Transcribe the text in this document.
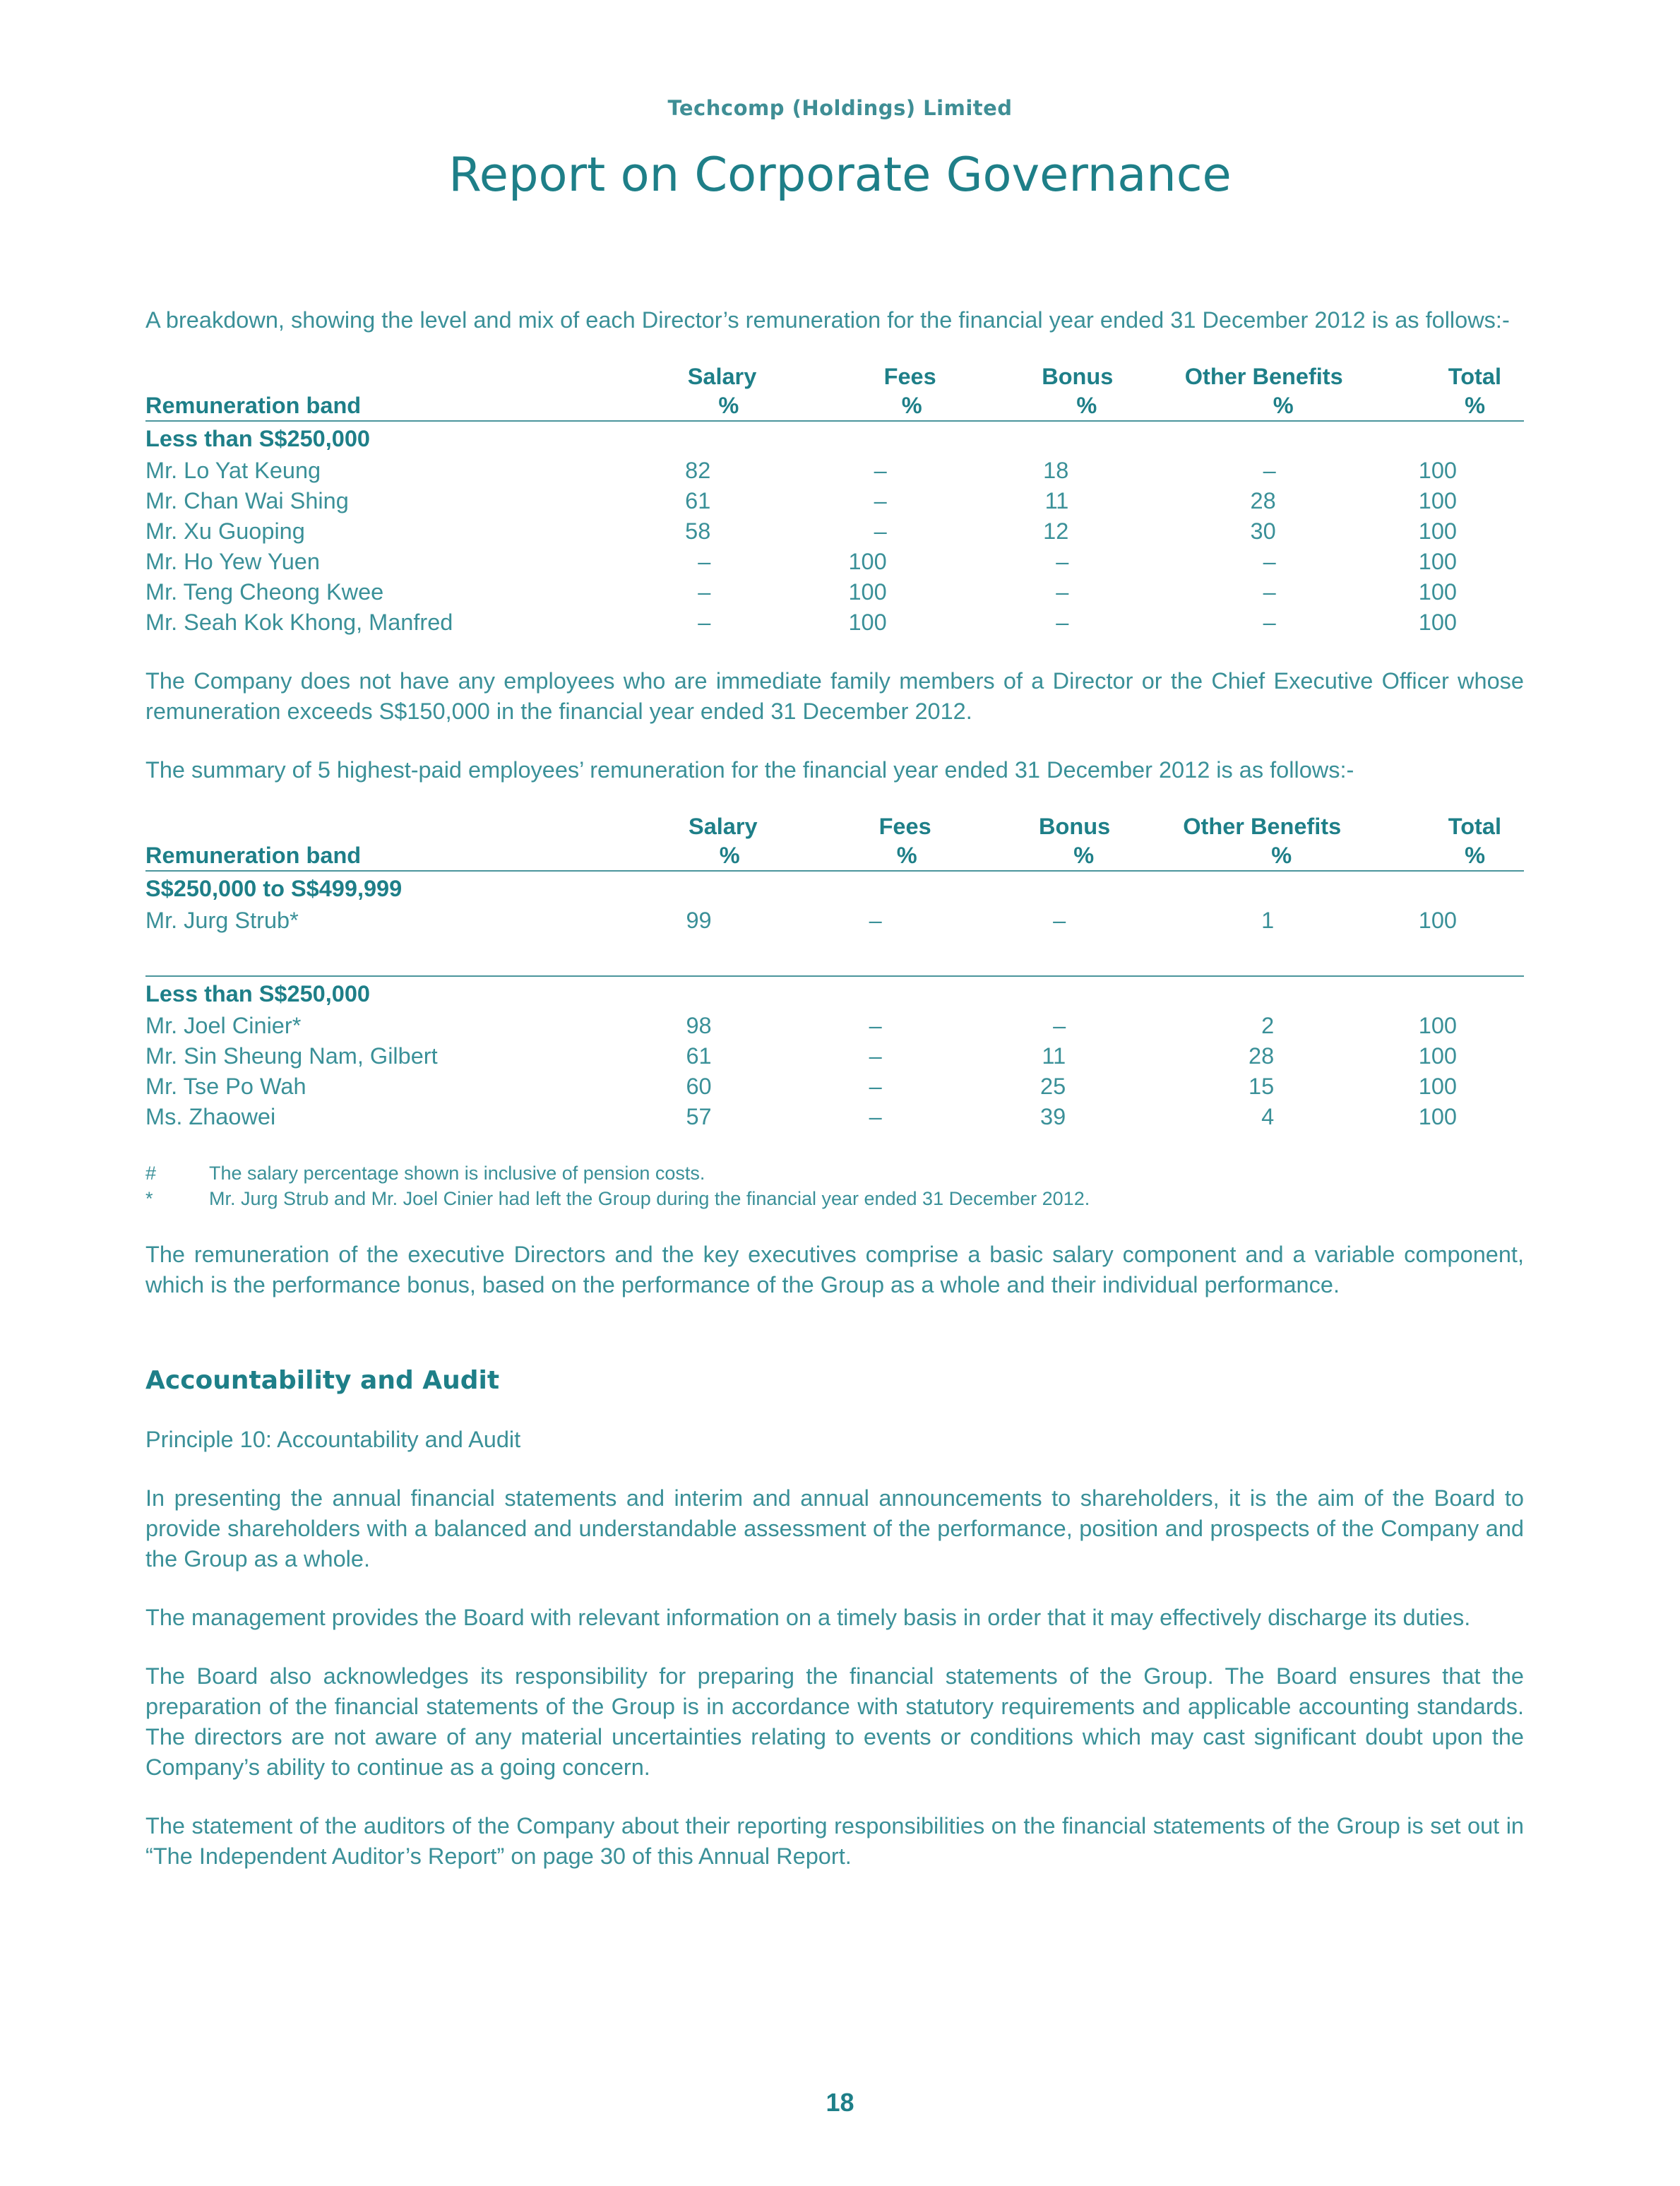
Techcomp (Holdings) Limited
Report on Corporate Governance

A breakdown, showing the level and mix of each Director’s remuneration for the financial year ended 31 December 2012 is as follows:-

	Salary	Fees	Bonus	Other Benefits	Total
Remuneration band	%	%	%	%	%
Less than S$250,000					
Mr. Lo Yat Keung	82	–	18	–	100
Mr. Chan Wai Shing	61	–	11	28	100
Mr. Xu Guoping	58	–	12	30	100
Mr. Ho Yew Yuen	–	100	–	–	100
Mr. Teng Cheong Kwee	–	100	–	–	100
Mr. Seah Kok Khong, Manfred	–	100	–	–	100

The Company does not have any employees who are immediate family members of a Director or the Chief Executive Officer whose remuneration exceeds S$150,000 in the financial year ended 31 December 2012.

The summary of 5 highest-paid employees’ remuneration for the financial year ended 31 December 2012 is as follows:-

	Salary	Fees	Bonus	Other Benefits	Total
Remuneration band	%	%	%	%	%
S$250,000 to S$499,999					
Mr. Jurg Strub*	99	–	–	1	100

Less than S$250,000					
Mr. Joel Cinier*	98	–	–	2	100
Mr. Sin Sheung Nam, Gilbert	61	–	11	28	100
Mr. Tse Po Wah	60	–	25	15	100
Ms. Zhaowei	57	–	39	4	100
#	The salary percentage shown is inclusive of pension costs.
*	Mr. Jurg Strub and Mr. Joel Cinier had left the Group during the financial year ended 31 December 2012.

The remuneration of the executive Directors and the key executives comprise a basic salary component and a variable component, which is the performance bonus, based on the performance of the Group as a whole and their individual performance.

Accountability and Audit

Principle 10: Accountability and Audit

In presenting the annual financial statements and interim and annual announcements to shareholders, it is the aim of the Board to provide shareholders with a balanced and understandable assessment of the performance, position and prospects of the Company and the Group as a whole.

The management provides the Board with relevant information on a timely basis in order that it may effectively discharge its duties.

The Board also acknowledges its responsibility for preparing the financial statements of the Group. The Board ensures that the preparation of the financial statements of the Group is in accordance with statutory requirements and applicable accounting standards. The directors are not aware of any material uncertainties relating to events or conditions which may cast significant doubt upon the Company’s ability to continue as a going concern.

The statement of the auditors of the Company about their reporting responsibilities on the financial statements of the Group is set out in “The Independent Auditor’s Report” on page 30 of this Annual Report.

18
